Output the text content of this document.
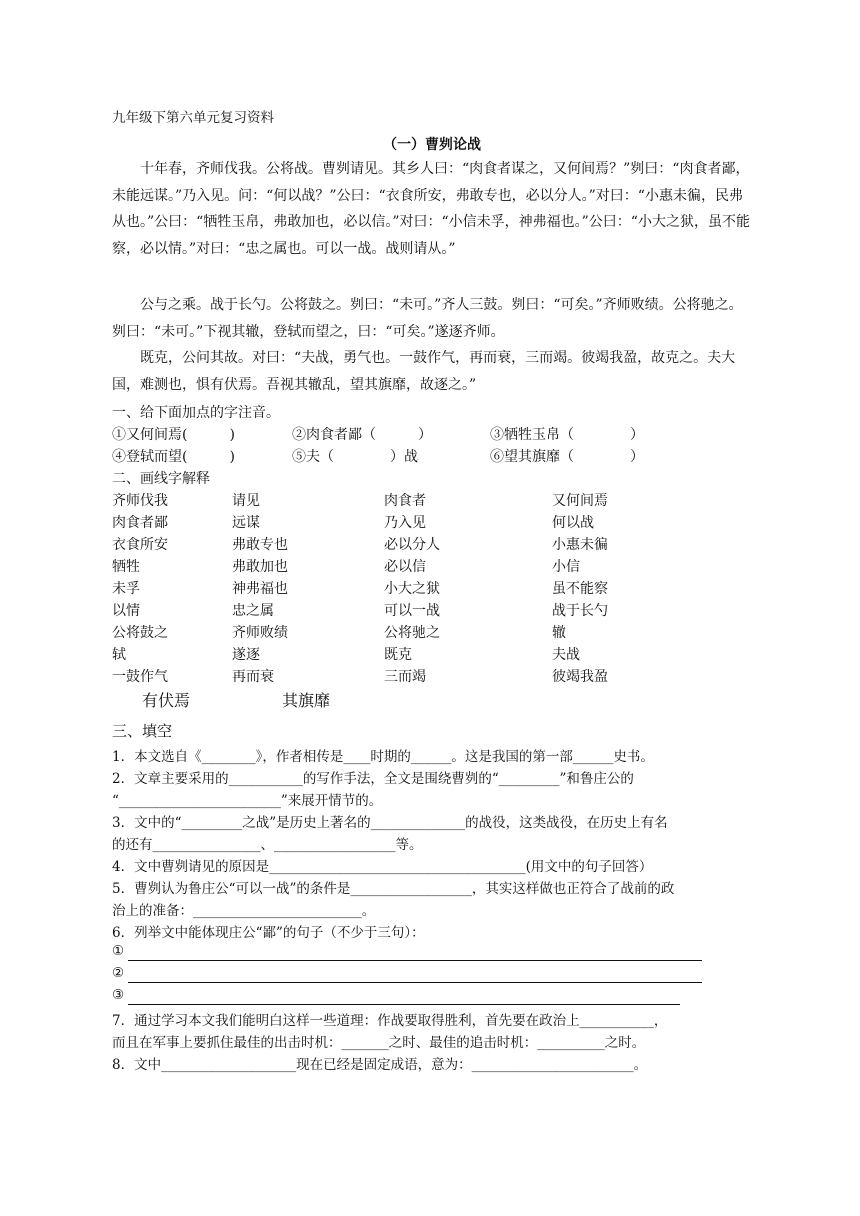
九年级下第六单元复习资料
（一）曹刿论战
十年春，齐师伐我。公将战。曹刿请见。其乡人曰：“肉食者谋之，又何间焉？”刿曰：“肉食者鄙，未能远谋。”乃入见。问：“何以战？”公曰：“衣食所安，弗敢专也，必以分人。”对曰：“小惠未徧，民弗从也。”公曰：“牺牲玉帛，弗敢加也，必以信。”对曰：“小信未孚，神弗福也。”公曰：“小大之狱，虽不能察，必以情。”对曰：“忠之属也。可以一战。战则请从。”
公与之乘。战于长勺。公将鼓之。刿曰：“未可。”齐人三鼓。刿曰：“可矣。”齐师败绩。公将驰之。刿曰：“未可。”下视其辙，登轼而望之，曰：“可矣。”遂逐齐师。
既克，公问其故。对曰：“夫战，勇气也。一鼓作气，再而衰，三而竭。彼竭我盈，故克之。夫大国，难测也，惧有伏焉。吾视其辙乱，望其旗靡，故逐之。”
一、给下面加点的字注音。
①又何间焉(　　　)	②肉食者鄙（　　　）	③牺牲玉帛（　　　　）
④登轼而望(　　　)	⑤夫（　　　　）战	⑥望其旗靡（　　　　）
二、画线字解释
齐师伐我	请见	肉食者	又何间焉
肉食者鄙	远谋	乃入见	何以战
衣食所安	弗敢专也	必以分人	小惠未徧
牺牲	弗敢加也	必以信	小信
未孚	神弗福也	小大之狱	虽不能察
以情	忠之属	可以一战	战于长勺
公将鼓之	齐师败绩	公将驰之	辙
轼	遂逐	既克	夫战
一鼓作气	再而衰	三而竭	彼竭我盈
有伏焉	其旗靡
三、填空
1．本文选自《________》，作者相传是____时期的______。这是我国的第一部______史书。
2．文章主要采用的___________的写作手法，全文是围绕曹刿的“_________”和鲁庄公的
“________________________”来展开情节的。
3．文中的“_________之战”是历史上著名的______________的战役，这类战役，在历史上有名
的还有________________、__________________等。
4．文中曹刿请见的原因是______________________________________(用文中的句子回答）
5．曹刿认为鲁庄公“可以一战”的条件是__________________，其实这样做也正符合了战前的政
治上的准备：_________________________。
6．列举文中能体现庄公“鄙”的句子（不少于三句）：
①
②
③
7．通过学习本文我们能明白这样一些道理：作战要取得胜利，首先要在政治上___________，
而且在军事上要抓住最佳的出击时机：_______之时、最佳的追击时机：__________之时。
8．文中____________________现在已经是固定成语，意为：________________________。
